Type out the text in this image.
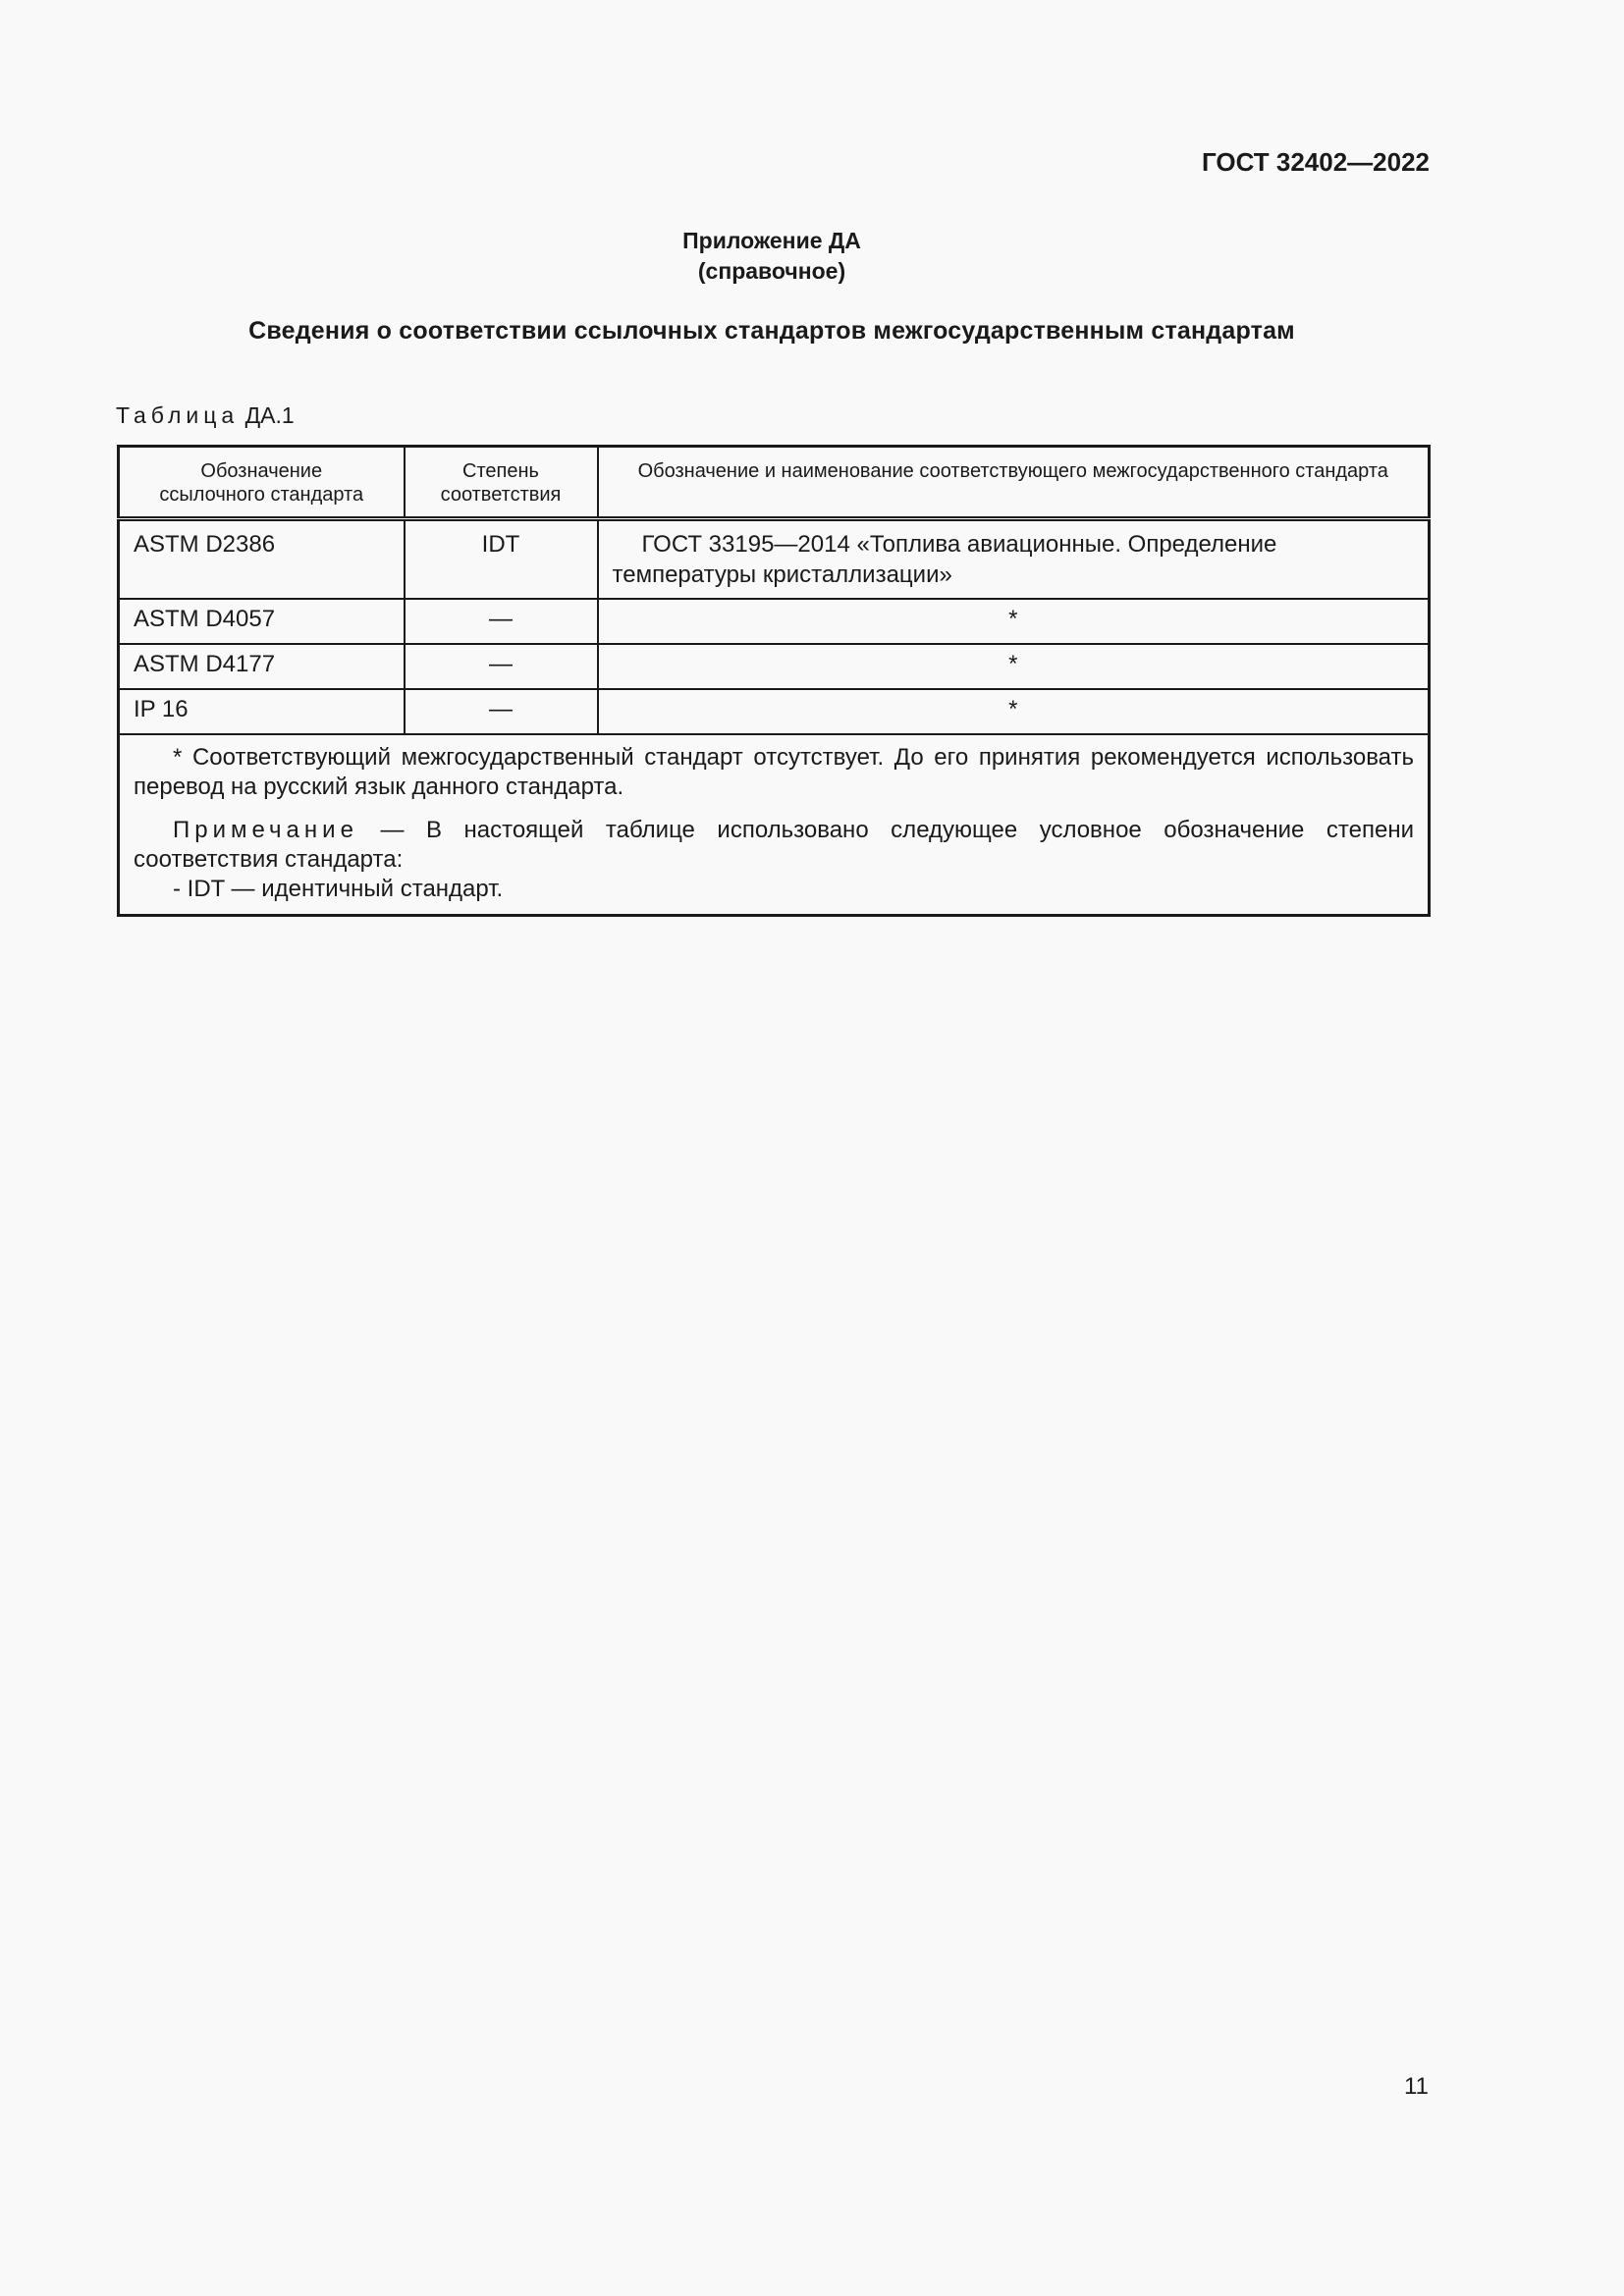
ГОСТ 32402—2022
Приложение ДА
(справочное)
Сведения о соответствии ссылочных стандартов межгосударственным стандартам
Таблица ДА.1
Обозначение ссылочного стандарта	Степень соответствия	Обозначение и наименование соответствующего межгосударственного стандарта
ASTM D2386	IDT	ГОСТ 33195—2014 «Топлива авиационные. Определение температуры кристаллизации»
ASTM D4057	—	*
ASTM D4177	—	*
IP 16	—	*

* Соответствующий межгосударственный стандарт отсутствует. До его принятия рекомендуется использовать перевод на русский язык данного стандарта.

Примечание — В настоящей таблице использовано следующее условное обозначение степени соответствия стандарта:

- IDT — идентичный стандарт.		

11
